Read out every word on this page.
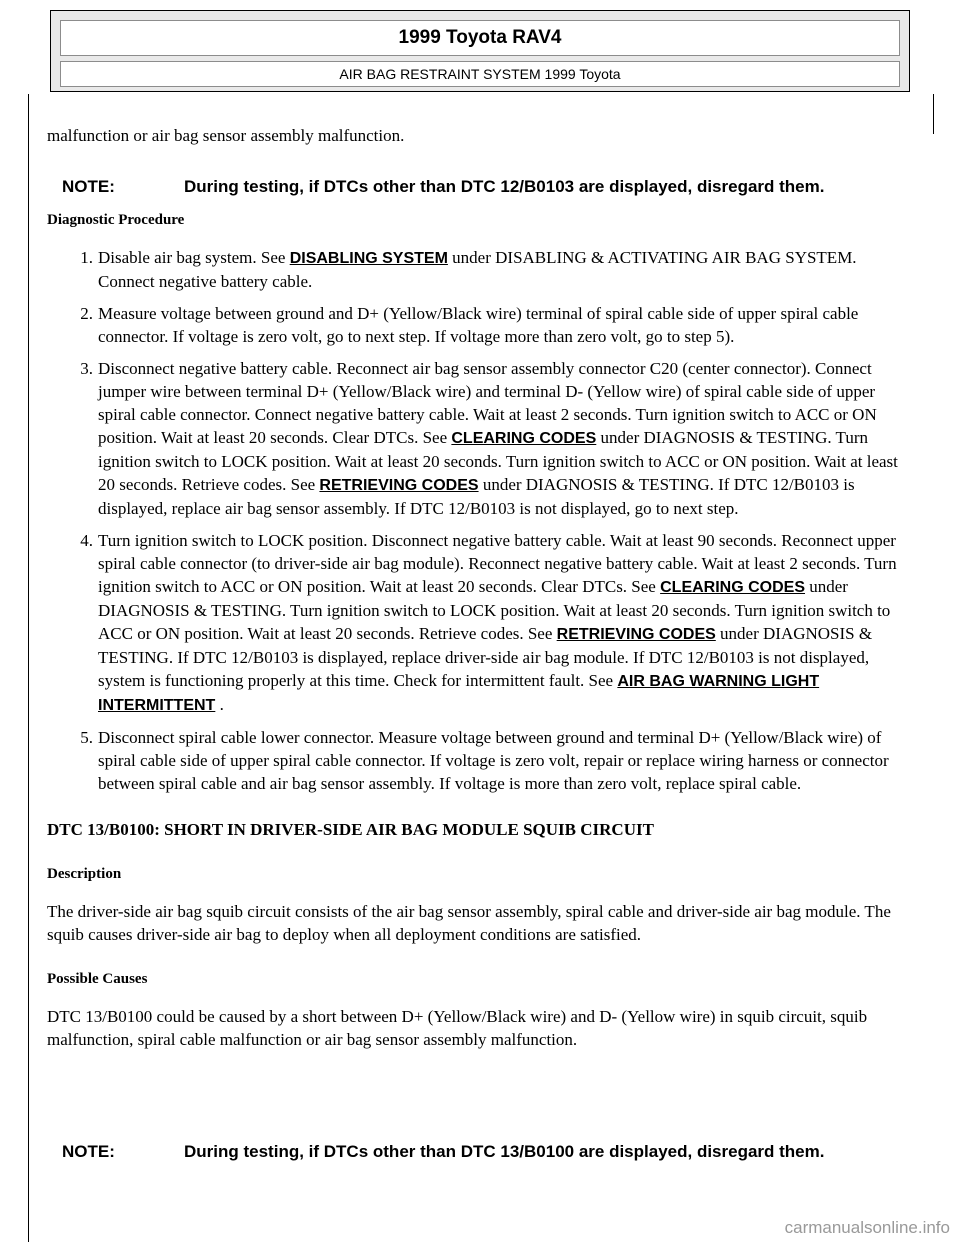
1999 Toyota RAV4
AIR BAG RESTRAINT SYSTEM 1999 Toyota
NOTE:	During testing, if DTCs other than DTC 12/B0103 are displayed, disregard them.

malfunction or air bag sensor assembly malfunction.

Diagnostic Procedure

1. Disable air bag system. See DISABLING SYSTEM under DISABLING & ACTIVATING AIR BAG SYSTEM. Connect negative battery cable.
2. Measure voltage between ground and D+ (Yellow/Black wire) terminal of spiral cable side of upper spiral cable connector. If voltage is zero volt, go to next step. If voltage more than zero volt, go to step 5).
3. Disconnect negative battery cable. Reconnect air bag sensor assembly connector C20 (center connector). Connect jumper wire between terminal D+ (Yellow/Black wire) and terminal D- (Yellow wire) of spiral cable side of upper spiral cable connector. Connect negative battery cable. Wait at least 2 seconds. Turn ignition switch to ACC or ON position. Wait at least 20 seconds. Clear DTCs. See CLEARING CODES under DIAGNOSIS & TESTING. Turn ignition switch to LOCK position. Wait at least 20 seconds. Turn ignition switch to ACC or ON position. Wait at least 20 seconds. Retrieve codes. See RETRIEVING CODES under DIAGNOSIS & TESTING. If DTC 12/B0103 is displayed, replace air bag sensor assembly. If DTC 12/B0103 is not displayed, go to next step.
4. Turn ignition switch to LOCK position. Disconnect negative battery cable. Wait at least 90 seconds. Reconnect upper spiral cable connector (to driver-side air bag module). Reconnect negative battery cable. Wait at least 2 seconds. Turn ignition switch to ACC or ON position. Wait at least 20 seconds. Clear DTCs. See CLEARING CODES under DIAGNOSIS & TESTING. Turn ignition switch to LOCK position. Wait at least 20 seconds. Turn ignition switch to ACC or ON position. Wait at least 20 seconds. Retrieve codes. See RETRIEVING CODES under DIAGNOSIS & TESTING. If DTC 12/B0103 is displayed, replace driver-side air bag module. If DTC 12/B0103 is not displayed, system is functioning properly at this time. Check for intermittent fault. See AIR BAG WARNING LIGHT INTERMITTENT .
5. Disconnect spiral cable lower connector. Measure voltage between ground and terminal D+ (Yellow/Black wire) of spiral cable side of upper spiral cable connector. If voltage is zero volt, repair or replace wiring harness or connector between spiral cable and air bag sensor assembly. If voltage is more than zero volt, replace spiral cable.

DTC 13/B0100: SHORT IN DRIVER-SIDE AIR BAG MODULE SQUIB CIRCUIT

Description

The driver-side air bag squib circuit consists of the air bag sensor assembly, spiral cable and driver-side air bag module. The squib causes driver-side air bag to deploy when all deployment conditions are satisfied.

Possible Causes

DTC 13/B0100 could be caused by a short between D+ (Yellow/Black wire) and D- (Yellow wire) in squib circuit, squib malfunction, spiral cable malfunction or air bag sensor assembly malfunction.

NOTE:	During testing, if DTCs other than DTC 13/B0100 are displayed, disregard them.
carmanualsonline.info
